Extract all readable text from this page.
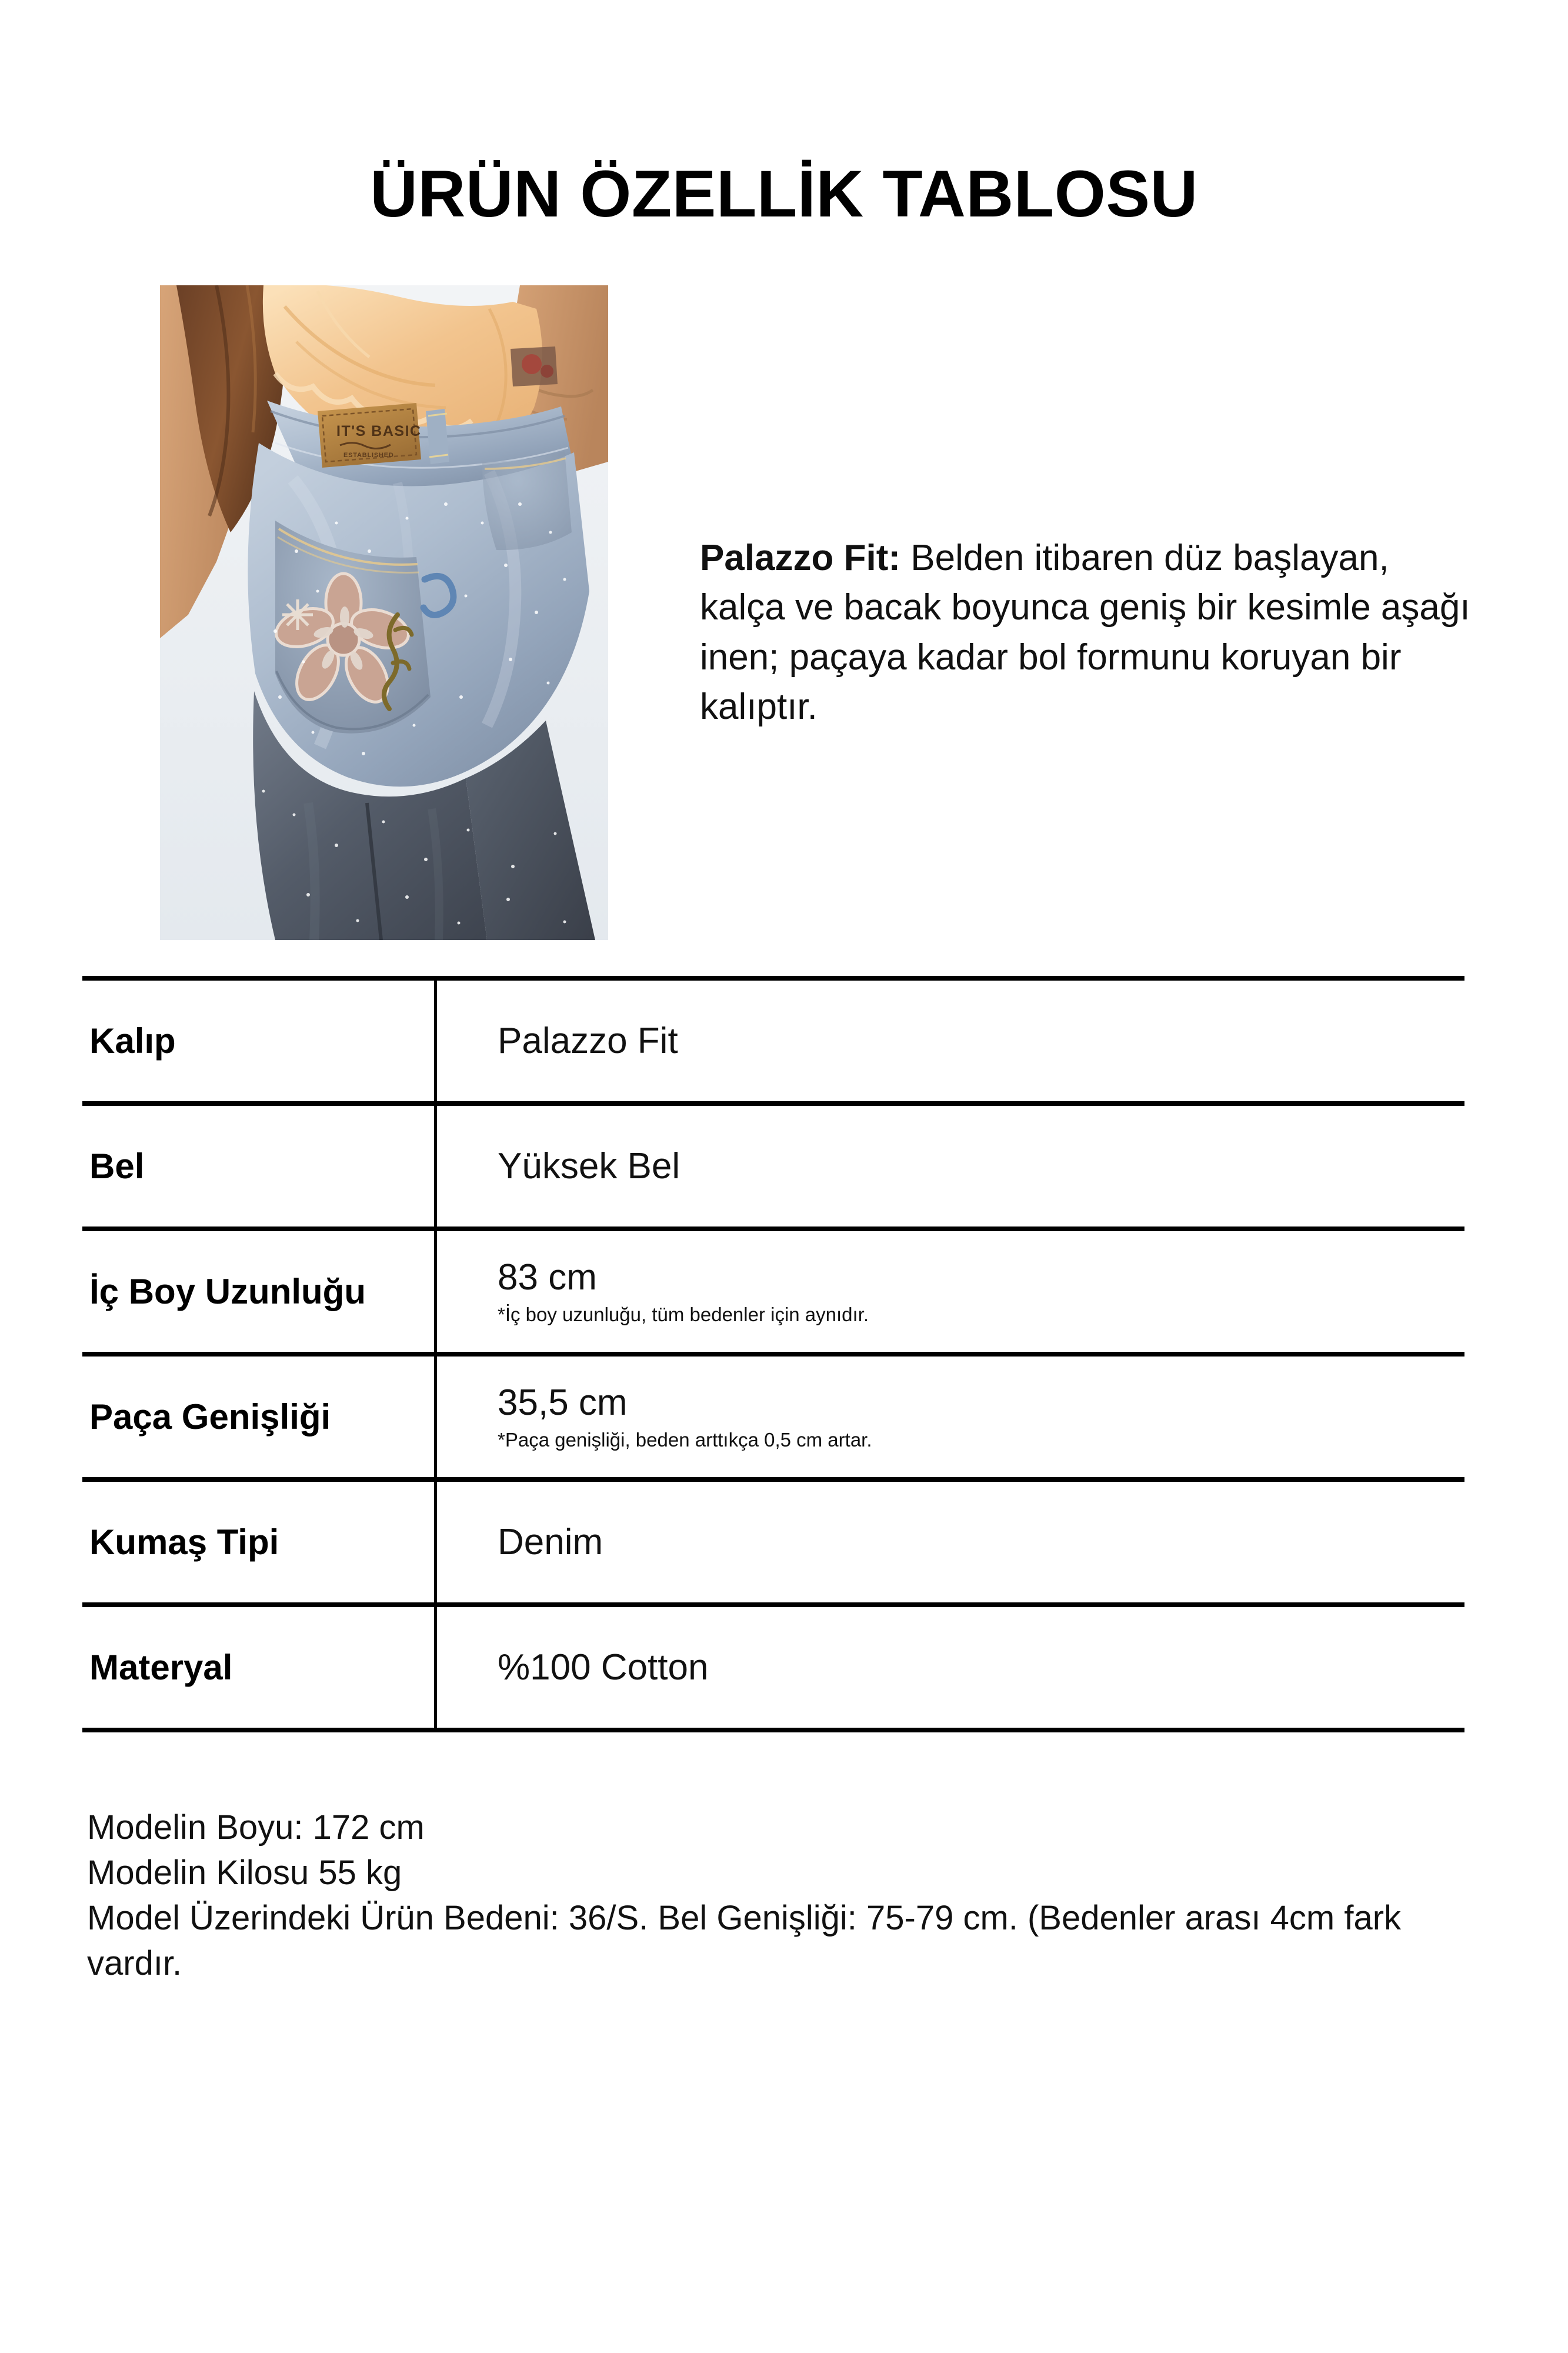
ÜRÜN ÖZELLİK TABLOSU
IT'S BASIC
ESTABLISHED

Palazzo Fit: Belden itibaren düz başlayan, kalça ve bacak boyunca geniş bir kesimle aşağı inen; paçaya kadar bol formunu koruyan bir kalıptır.

Kalıp	Palazzo Fit
Bel	Yüksek Bel
İç Boy Uzunluğu	83 cm
*İç boy uzunluğu, tüm bedenler için aynıdır.
Paça Genişliği	35,5 cm
*Paça genişliği, beden arttıkça 0,5 cm artar.
Kumaş Tipi	Denim
Materyal	%100 Cotton
Modelin Boyu: 172 cm
Modelin Kilosu 55 kg
Model Üzerindeki Ürün Bedeni: 36/S. Bel Genişliği: 75-79 cm. (Bedenler arası 4cm fark vardır.
